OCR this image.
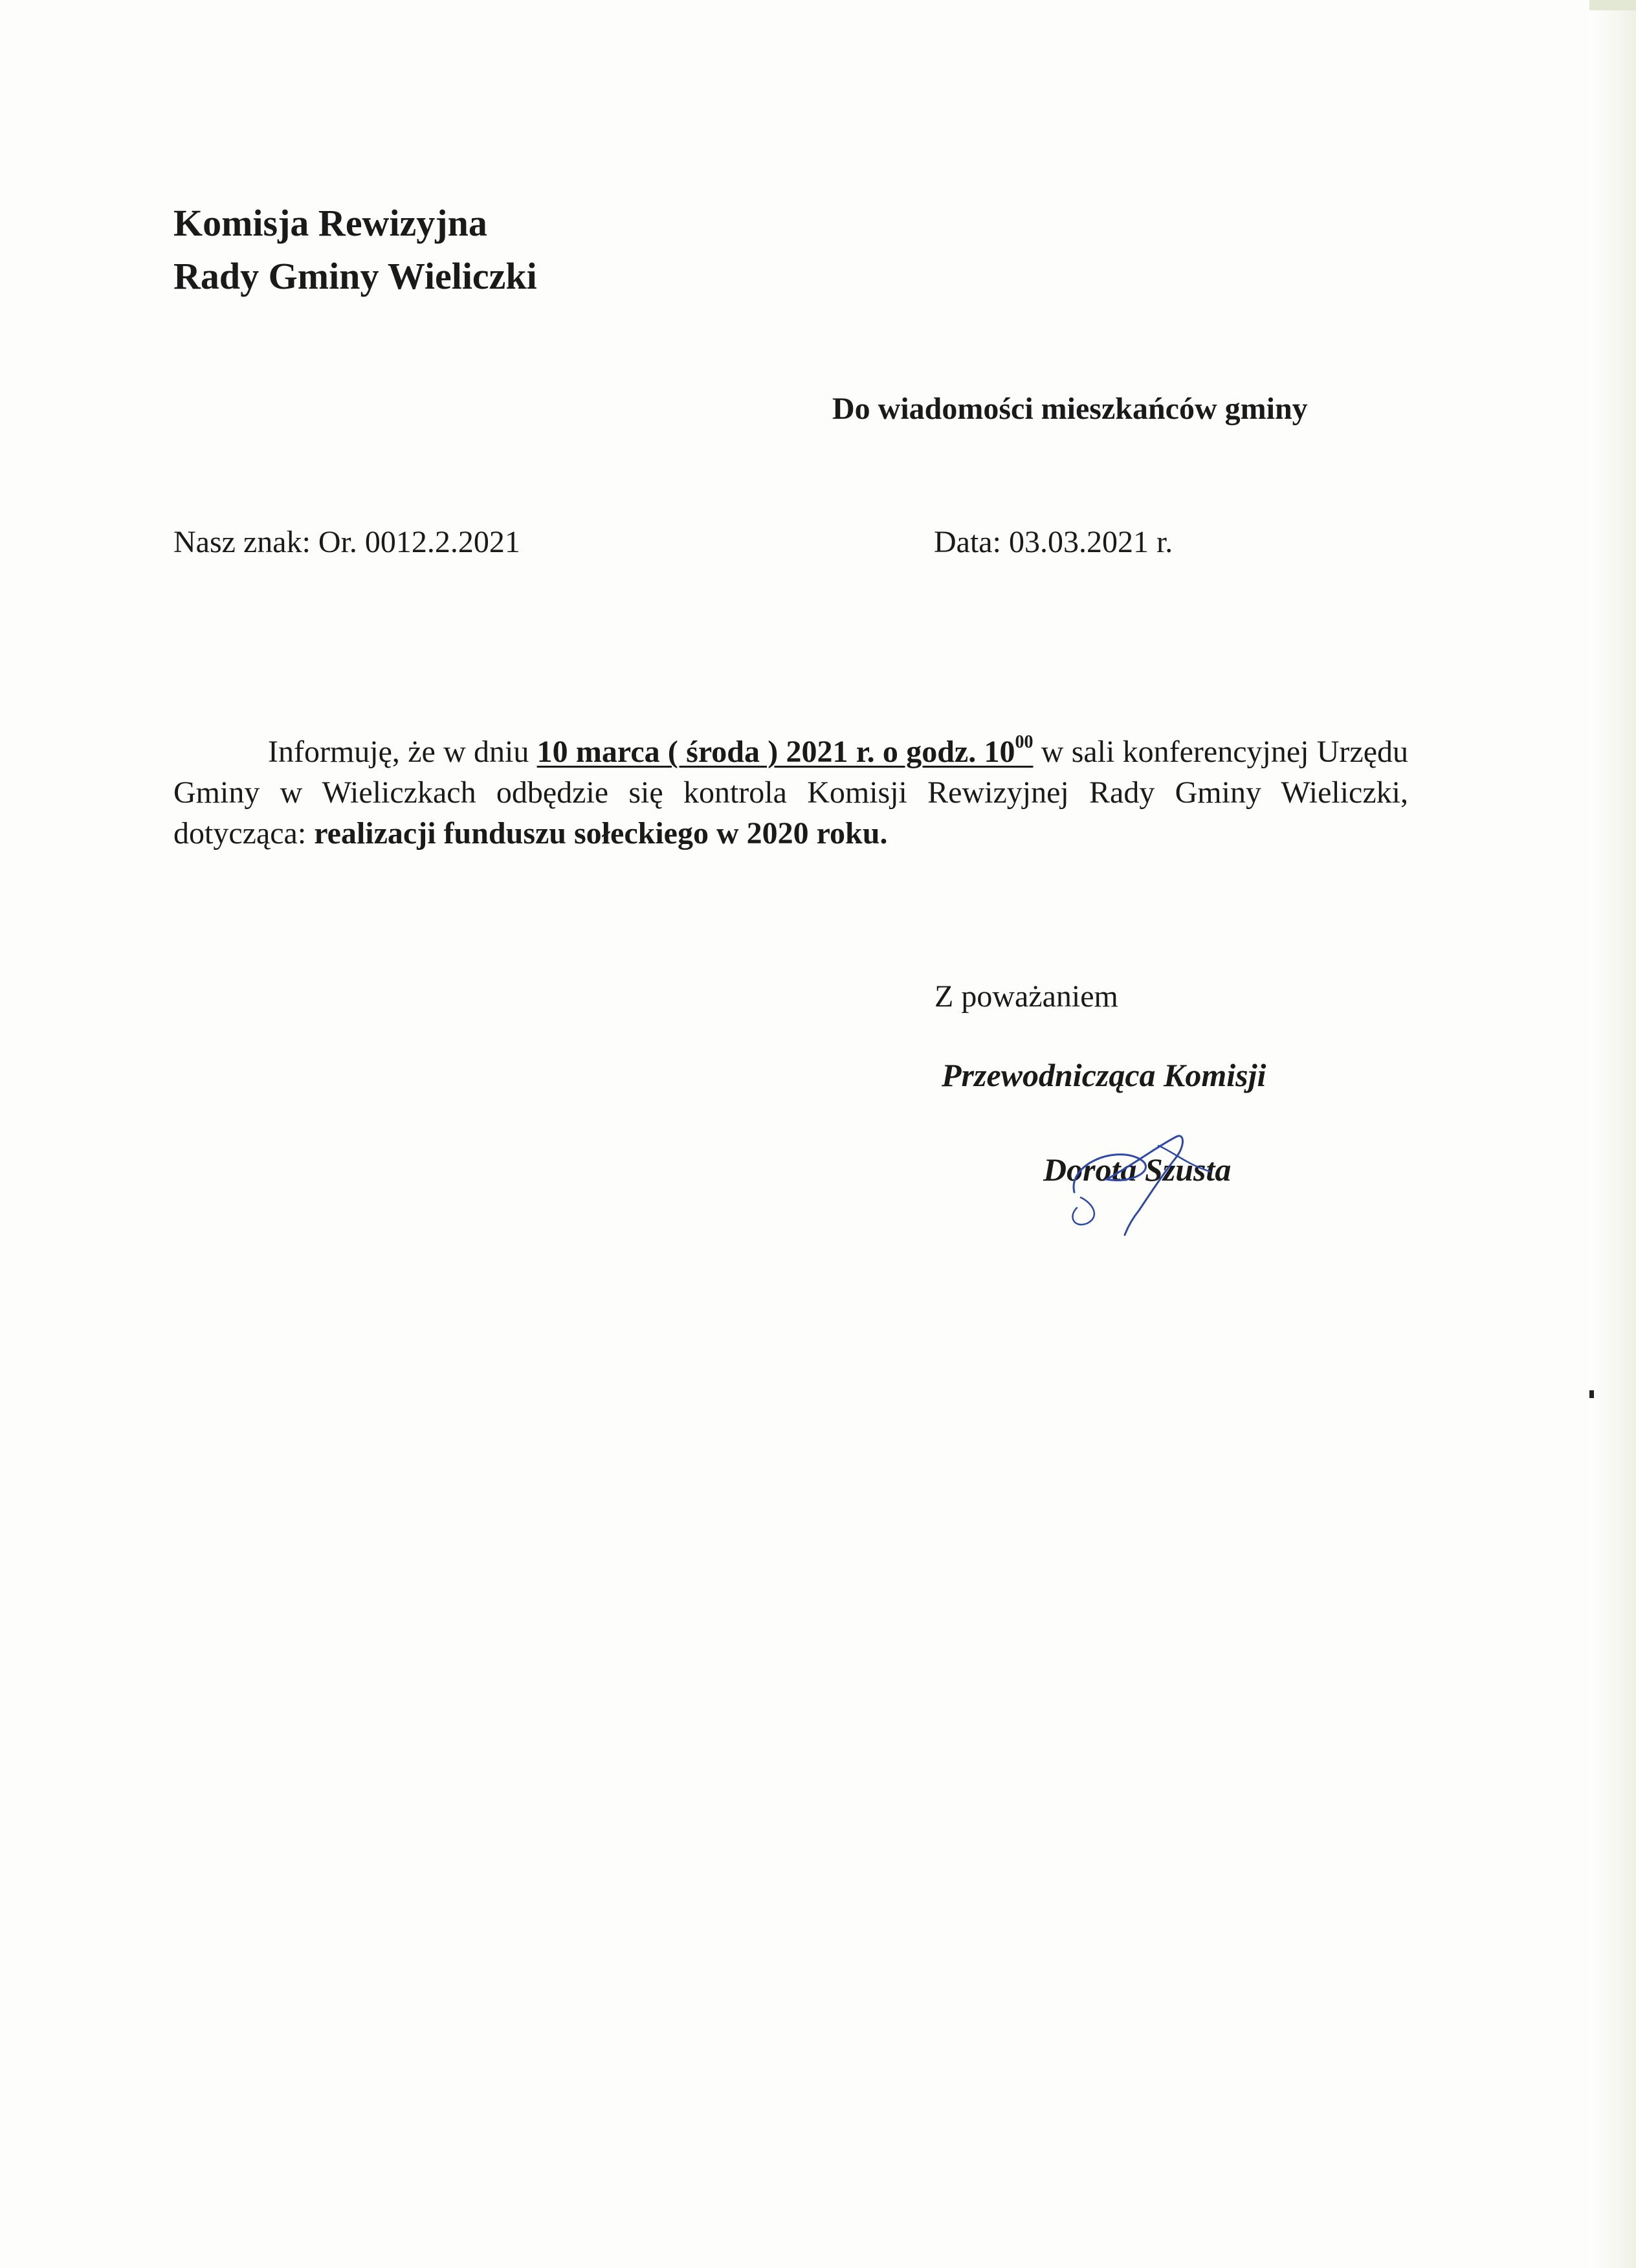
Komisja Rewizyjna
Rady Gminy Wieliczki
Do wiadomości mieszkańców gminy
Nasz znak: Or. 0012.2.2021	Data: 03.03.2021 r.
Informuję, że w dniu 10 marca ( środa ) 2021 r. o godz. $10^{00}$ w sali konferencyjnej Urzędu Gminy w Wieliczkach odbędzie się kontrola Komisji Rewizyjnej Rady Gminy Wieliczki, dotycząca: realizacji funduszu sołeckiego w 2020 roku.
Z poważaniem
Przewodnicząca Komisji
Dorota Szusta
